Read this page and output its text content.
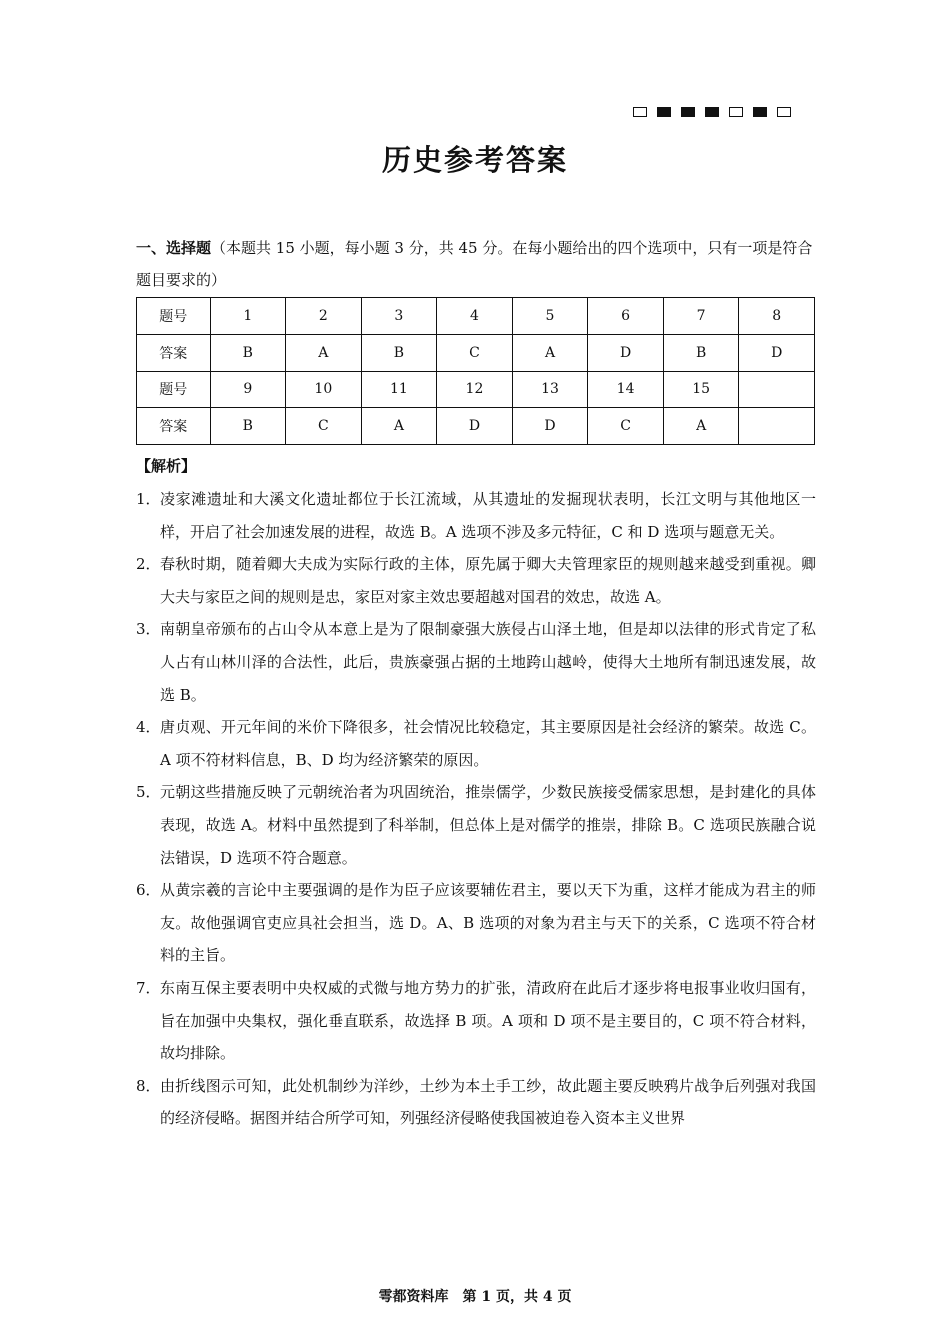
历史参考答案
一、选择题（本题共 15 小题，每小题 3 分，共 45 分。在每小题给出的四个选项中，只有一项是符合题目要求的）
题号	1	2	3	4	5	6	7	8
答案	B	A	B	C	A	D	B	D
题号	9	10	11	12	13	14	15	
答案	B	C	A	D	D	C	A	
【解析】
1． 凌家滩遗址和大溪文化遗址都位于长江流域，从其遗址的发掘现状表明，长江文明与其他地区一样，开启了社会加速发展的进程，故选 B。A 选项不涉及多元特征，C 和 D 选项与题意无关。
2． 春秋时期，随着卿大夫成为实际行政的主体，原先属于卿大夫管理家臣的规则越来越受到重视。卿大夫与家臣之间的规则是忠，家臣对家主效忠要超越对国君的效忠，故选 A。
3． 南朝皇帝颁布的占山令从本意上是为了限制豪强大族侵占山泽土地，但是却以法律的形式肯定了私人占有山林川泽的合法性，此后，贵族豪强占据的土地跨山越岭，使得大土地所有制迅速发展，故选 B。
4． 唐贞观、开元年间的米价下降很多，社会情况比较稳定，其主要原因是社会经济的繁荣。故选 C。A 项不符材料信息，B、D 均为经济繁荣的原因。
5． 元朝这些措施反映了元朝统治者为巩固统治，推崇儒学，少数民族接受儒家思想，是封建化的具体表现，故选 A。材料中虽然提到了科举制，但总体上是对儒学的推崇，排除 B。C 选项民族融合说法错误，D 选项不符合题意。
6． 从黄宗羲的言论中主要强调的是作为臣子应该要辅佐君主，要以天下为重，这样才能成为君主的师友。故他强调官吏应具社会担当，选 D。A、B 选项的对象为君主与天下的关系，C 选项不符合材料的主旨。
7． 东南互保主要表明中央权威的式微与地方势力的扩张，清政府在此后才逐步将电报事业收归国有，旨在加强中央集权，强化垂直联系，故选择 B 项。A 项和 D 项不是主要目的，C 项不符合材料，故均排除。
8． 由折线图示可知，此处机制纱为洋纱，土纱为本土手工纱，故此题主要反映鸦片战争后列强对我国的经济侵略。据图并结合所学可知，列强经济侵略使我国被迫卷入资本主义世界
雩都资料库　第 1 页，共 4 页
